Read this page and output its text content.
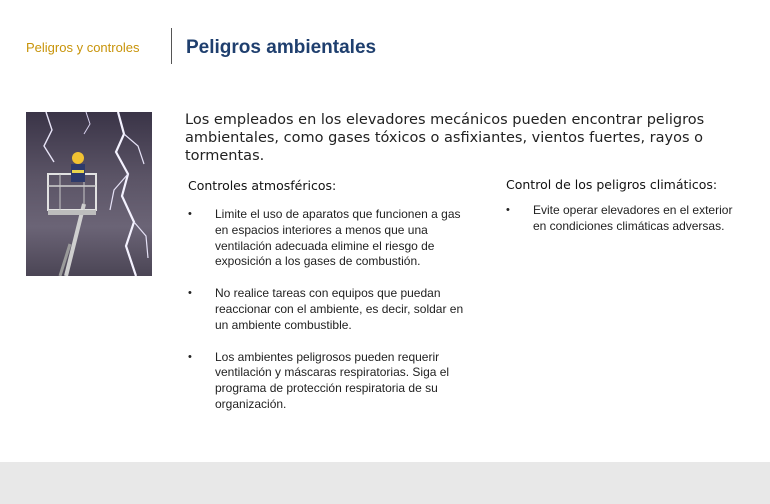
Peligros y controles Peligros ambientales
Los empleados en los elevadores mecánicos pueden encontrar peligros ambientales, como gases tóxicos o asfixiantes, vientos fuertes, rayos o tormentas.
Controles atmosféricos:
• Limite el uso de aparatos que funcionen a gas en espacios interiores a menos que una ventilación adecuada elimine el riesgo de exposición a los gases de combustión.
• No realice tareas con equipos que puedan reaccionar con el ambiente, es decir, soldar en un ambiente combustible.
• Los ambientes peligrosos pueden requerir ventilación y máscaras respiratorias. Siga el programa de protección respiratoria de su organización.
Control de los peligros climáticos:
• Evite operar elevadores en el exterior en condiciones climáticas adversas.
